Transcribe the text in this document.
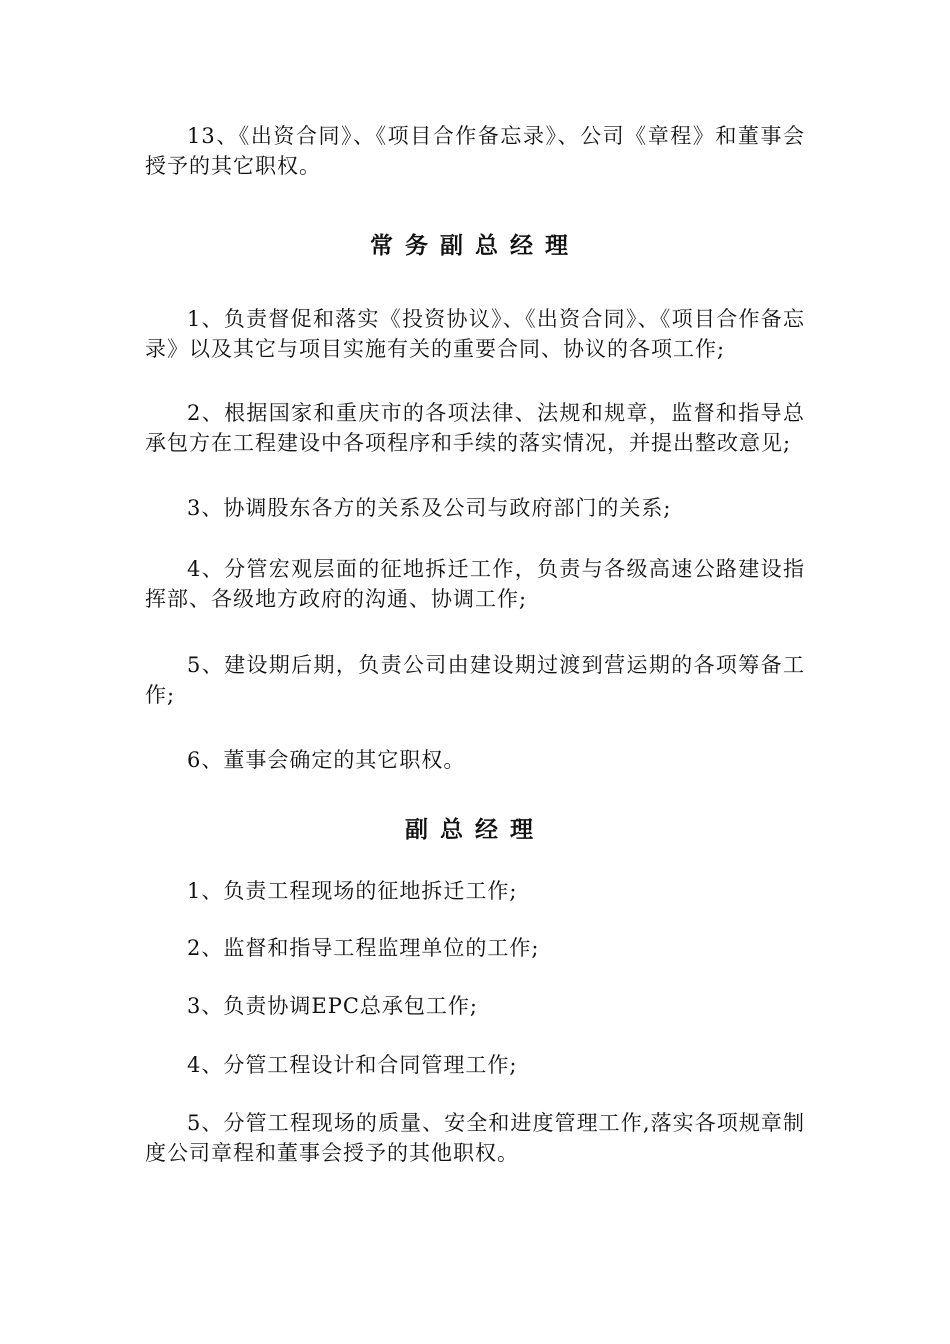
13、《出资合同》、《项目合作备忘录》、公司《章程》和董事会授予的其它职权。

常务副总经理

1、负责督促和落实《投资协议》、《出资合同》、《项目合作备忘录》以及其它与项目实施有关的重要合同、协议的各项工作;

2、根据国家和重庆市的各项法律、法规和规章，监督和指导总承包方在工程建设中各项程序和手续的落实情况，并提出整改意见;

3、协调股东各方的关系及公司与政府部门的关系;

4、分管宏观层面的征地拆迁工作，负责与各级高速公路建设指挥部、各级地方政府的沟通、协调工作;

5、建设期后期，负责公司由建设期过渡到营运期的各项筹备工作;

6、董事会确定的其它职权。

副总经理

1、负责工程现场的征地拆迁工作;

2、监督和指导工程监理单位的工作;

3、负责协调EPC总承包工作;

4、分管工程设计和合同管理工作;

5、分管工程现场的质量、安全和进度管理工作,落实各项规章制度公司章程和董事会授予的其他职权。
